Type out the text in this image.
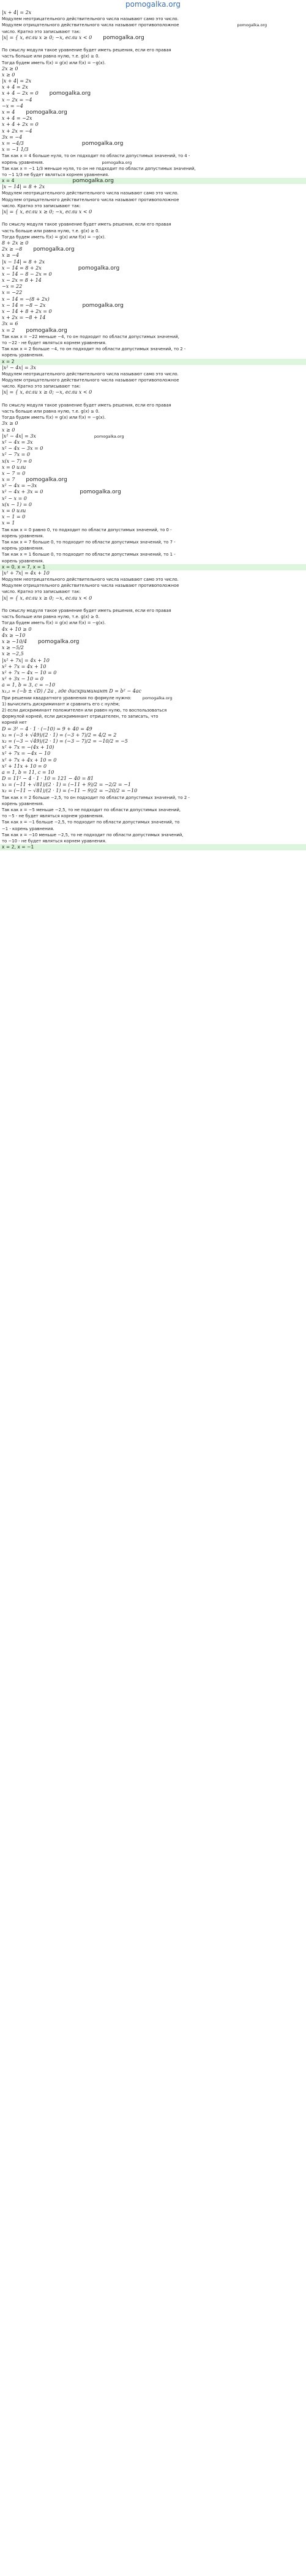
pomogalka.org
|x + 4| = 2x
Модулем неотрицательного действительного числа называют само это число.
Модулем отрицательного действительного числа называют противоположное	pomogalka.org
число. Кратко это записывают так:
|x| = { x, если x ≥ 0; −x, если x < 0 pomogalka.org
По смыслу модуля такое уравнение будет иметь решения, если его правая
часть больше или равна нулю, т.е. g(x) ≥ 0.
Тогда будем иметь f(x) = g(x) или f(x) = −g(x).
2x ≥ 0
x ≥ 0
|x + 4| = 2x
x + 4 = 2x
x + 4 − 2x = 0 pomogalka.org
x − 2x = −4
−x = −4
x = 4 pomogalka.org
x + 4 = −2x
x + 4 + 2x = 0
x + 2x = −4
3x = −4
x = −4/3	pomogalka.org
x = −1 1/3
Так как x = 4 больше нуля, то он подходит по области допустимых значений, то 4 -
корень уравнения.	pomogalka.org
Так как x = −1 1/3 меньше нуля, то он не подходит по области допустимых значений,
то −1 1/3 не будет являться корнем уравнения.
x = 4	pomogalka.org
|x − 14| = 8 + 2x
Модулем неотрицательного действительного числа называют само это число.
Модулем отрицательного действительного числа называют противоположное
число. Кратко это записывают так:
|x| = { x, если x ≥ 0; −x, если x < 0
По смыслу модуля такое уравнение будет иметь решения, если его правая
часть больше или равна нулю, т.е. g(x) ≥ 0.
Тогда будем иметь f(x) = g(x) или f(x) = −g(x).
8 + 2x ≥ 0
2x ≥ −8 pomogalka.org
x ≥ −4
|x − 14| = 8 + 2x
x − 14 = 8 + 2x	pomogalka.org
x − 14 − 8 − 2x = 0
x − 2x = 8 + 14
−x = 22
x = −22
x − 14 = −(8 + 2x)
x − 14 = −8 − 2x	pomogalka.org
x − 14 + 8 + 2x = 0
x + 2x = −8 + 14
3x = 6
x = 2 pomogalka.org
Так как x = −22 меньше −4, то он подходит по области допустимых значений,
то −22 - не будет являться корнем уравнения.
Так как x = 2 больше −4, то он подходит по области допустимых значений, то 2 -
корень уравнения.
x = 2
|x² − 4x| = 3x
Модулем неотрицательного действительного числа называют само это число.
Модулем отрицательного действительного числа называют противоположное
число. Кратко это записывают так:
|x| = { x, если x ≥ 0; −x, если x < 0
По смыслу модуля такое уравнение будет иметь решения, если его правая
часть больше или равна нулю, т.е. g(x) ≥ 0.
Тогда будем иметь f(x) = g(x) или f(x) = −g(x).
3x ≥ 0
x ≥ 0
|x² − 4x| = 3x	pomogalka.org
x² − 4x = 3x
x² − 4x − 3x = 0
x² − 7x = 0
x(x − 7) = 0
x = 0 или
x − 7 = 0
x = 7 pomogalka.org
x² − 4x = −3x
x² − 4x + 3x = 0	pomogalka.org
x² − x = 0
x(x − 1) = 0
x = 0 или
x − 1 = 0
x = 1
Так как x = 0 равно 0, то подходит по области допустимых значений, то 0 -
корень уравнения.
Так как x = 7 больше 0, то подходит по области допустимых значений, то 7 -
корень уравнения.
Так как x = 1 больше 0, то подходит по области допустимых значений, то 1 -
корень уравнения.
x = 0, x = 7, x = 1
|x² + 7x| = 4x + 10
Модулем неотрицательного действительного числа называют само это число.
Модулем отрицательного действительного числа называют противоположное
число. Кратко это записывают так:
|x| = { x, если x ≥ 0; −x, если x < 0
По смыслу модуля такое уравнение будет иметь решения, если его правая
часть больше или равна нулю, т.е. g(x) ≥ 0.
Тогда будем иметь f(x) = g(x) или f(x) = −g(x).
4x + 10 ≥ 0
4x ≥ −10
x ≥ −10/4 pomogalka.org
x ≥ −5/2
x ≥ −2,5
|x² + 7x| = 4x + 10
x² + 7x = 4x + 10
x² + 7x − 4x − 10 = 0
x² + 3x − 10 = 0
a = 1, b = 3, c = −10
x₁,₂ = (−b ± √D) / 2a , где дискриминант D = b² − 4ac
При решении квадратного уравнения по формуле нужно:	pomogalka.org
1) вычислить дискриминант и сравнить его с нулём;
2) если дискриминант положителен или равен нулю, то воспользоваться
формулой корней, если дискриминант отрицателен, то записать, что
корней нет
D = 3² − 4 · 1 · (−10) = 9 + 40 = 49
x₁ = (−3 + √49)/(2 · 1) = (−3 + 7)/2 = 4/2 = 2
x₂ = (−3 − √49)/(2 · 1) = (−3 − 7)/2 = −10/2 = −5
x² + 7x = −(4x + 10)
x² + 7x = −4x − 10
x² + 7x + 4x + 10 = 0
x² + 11x + 10 = 0
a = 1, b = 11, c = 10
D = 11² − 4 · 1 · 10 = 121 − 40 = 81
x₁ = (−11 + √81)/(2 · 1) = (−11 + 9)/2 = −2/2 = −1
x₂ = (−11 − √81)/(2 · 1) = (−11 − 9)/2 = −20/2 = −10
Так как x = 2 больше −2,5, то он подходит по области допустимых значений, то 2 -
корень уравнения.
Так как x = −5 меньше −2,5, то не подходит по области допустимых значений,
то −5 - не будет являться корнем уравнения.
Так как x = −1 больше −2,5, то подходит по области допустимых значений, то
−1 - корень уравнения.
Так как x = −10 меньше −2,5, то не подходит по области допустимых значений,
то −10 - не будет являться корнем уравнения.
x = 2, x = −1
